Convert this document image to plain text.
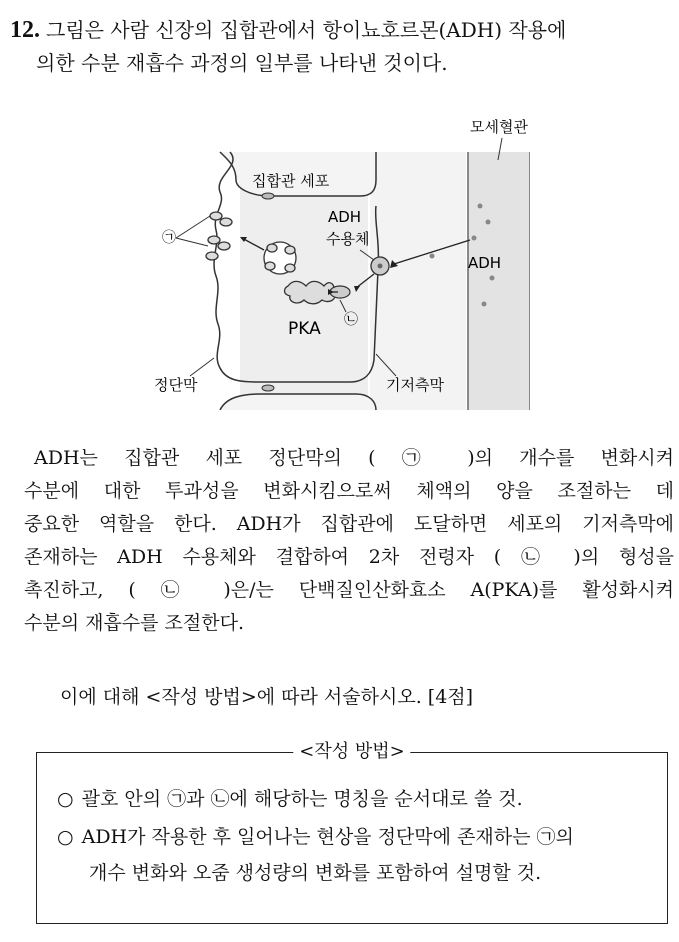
12. 그림은 사람 신장의 집합관에서 항이뇨호르몬(ADH) 작용에
의한 수분 재흡수 과정의 일부를 나타낸 것이다.
㉠
PKA ㉡
ADH
수용체
ADH
집합관 세포
모세혈관
정단막	기저측막

ADH는 집합관 세포 정단막의 ( ㉠ )의 개수를 변화시켜

수분에 대한 투과성을 변화시킴으로써 체액의 양을 조절하는 데

중요한 역할을 한다. ADH가 집합관에 도달하면 세포의 기저측막에

존재하는 ADH 수용체와 결합하여 2차 전령자 ( ㉡ )의 형성을

촉진하고, ( ㉡ )은/는 단백질인산화효소 A(PKA)를 활성화시켜

수분의 재흡수를 조절한다.

이에 대해 <작성 방법>에 따라 서술하시오. [4점]
<작성 방법>
○ 괄호 안의 ㉠과 ㉡에 해당하는 명칭을 순서대로 쓸 것.
○ ADH가 작용한 후 일어나는 현상을 정단막에 존재하는 ㉠의
개수 변화와 오줌 생성량의 변화를 포함하여 설명할 것.
